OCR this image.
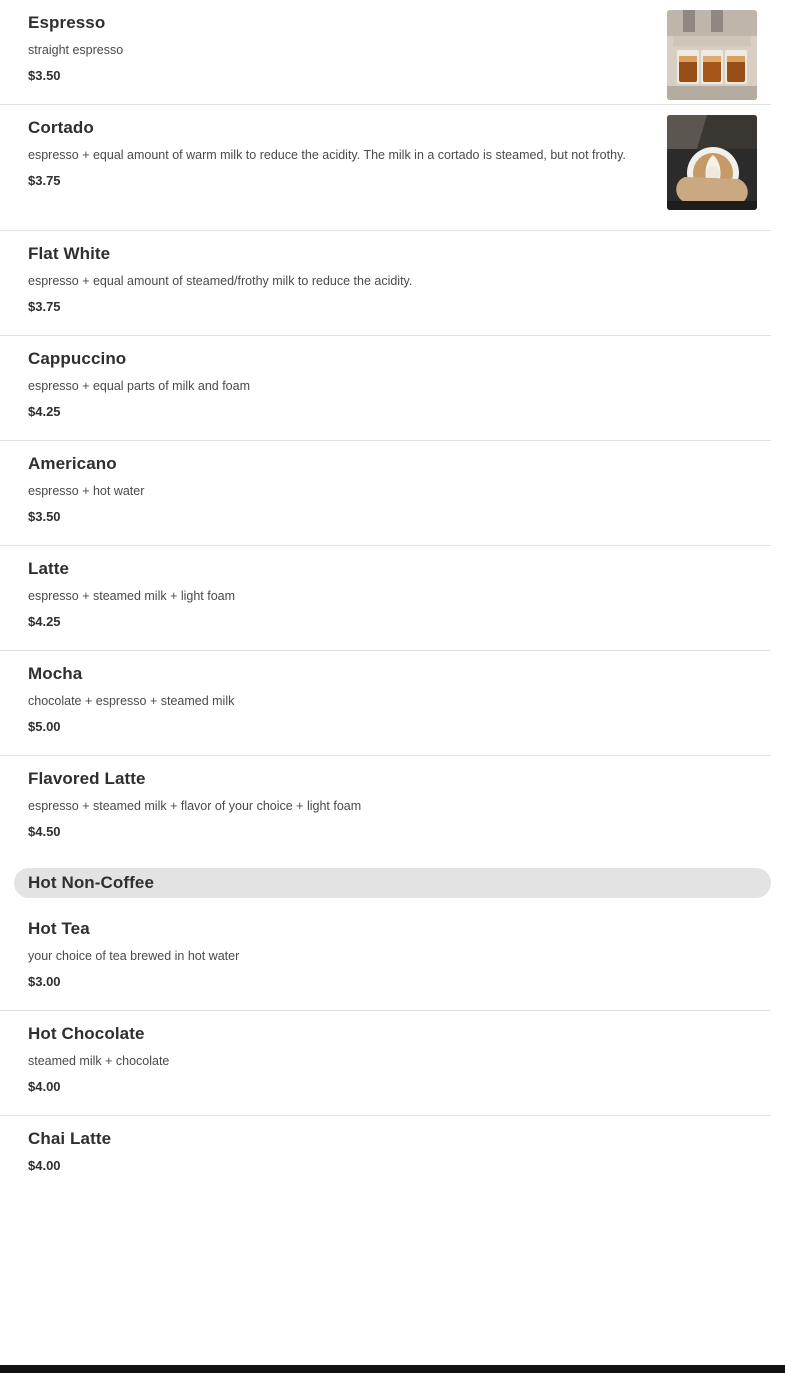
Espresso
straight espresso
$3.50
Cortado
espresso + equal amount of warm milk to reduce the acidity. The milk in a cortado is steamed, but not frothy.
$3.75
Flat White
espresso + equal amount of steamed/frothy milk to reduce the acidity.
$3.75
Cappuccino
espresso + equal parts of milk and foam
$4.25
Americano
espresso + hot water
$3.50
Latte
espresso + steamed milk + light foam
$4.25
Mocha
chocolate + espresso + steamed milk
$5.00
Flavored Latte
espresso + steamed milk + flavor of your choice + light foam
$4.50
Hot Non-Coffee
Hot Tea
your choice of tea brewed in hot water
$3.00
Hot Chocolate
steamed milk + chocolate
$4.00
Chai Latte
$4.00
